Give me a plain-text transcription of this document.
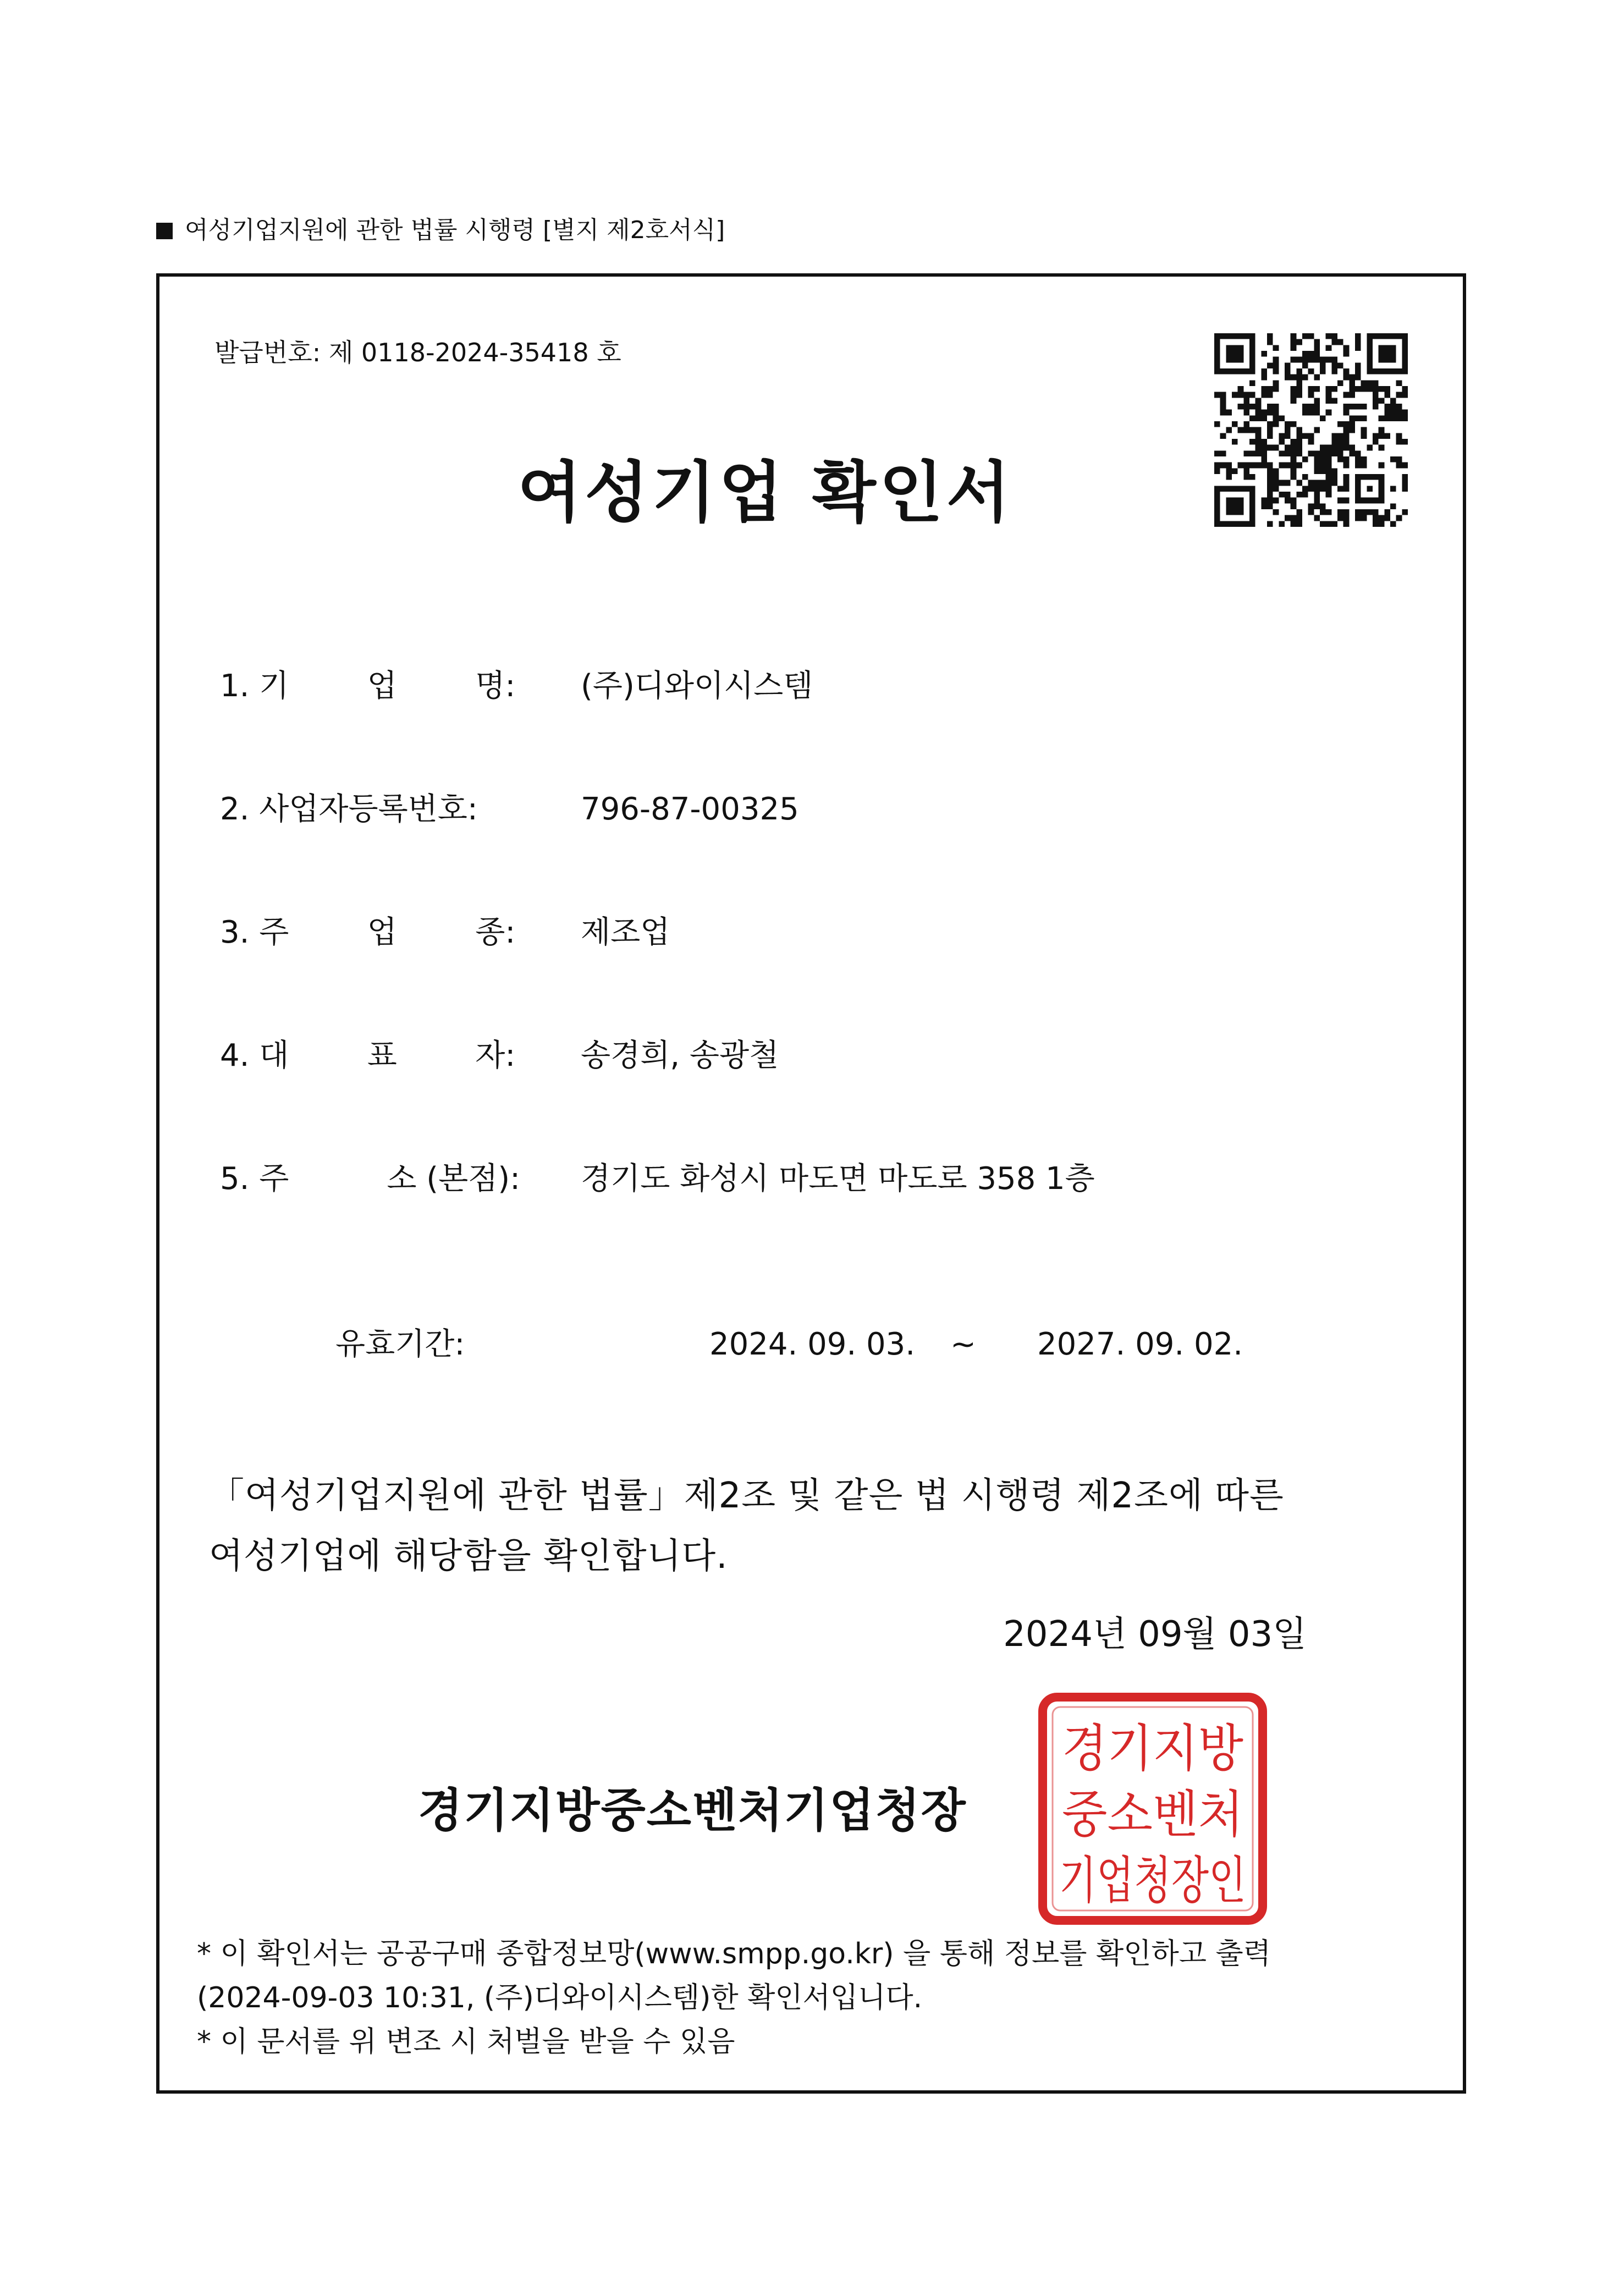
여성기업지원에 관한 법률 시행령 [별지 제2호서식]
발급번호: 제 0118-2024-35418 호
여성기업 확인서
1. 기        업        명: (주)디와이시스템
2. 사업자등록번호:	796-87-00325
3. 주        업        종: 제조업
4. 대        표        자: 송경희, 송광철
5. 주          소 (본점): 경기도 화성시 마도면 마도로 358 1층
유효기간:	2024. 09. 03. ~ 2027. 09. 02.
「여성기업지원에 관한 법률」제2조 및 같은 법 시행령 제2조에 따른
여성기업에 해당함을 확인합니다.
2024년 09월 03일
경기지방중소벤처기업청장
경기지방
중소벤처
기업청장인
* 이 확인서는 공공구매 종합정보망(www.smpp.go.kr) 을 통해 정보를 확인하고 출력
(2024-09-03 10:31, (주)디와이시스템)한 확인서입니다.
* 이 문서를 위 변조 시 처벌을 받을 수 있음
